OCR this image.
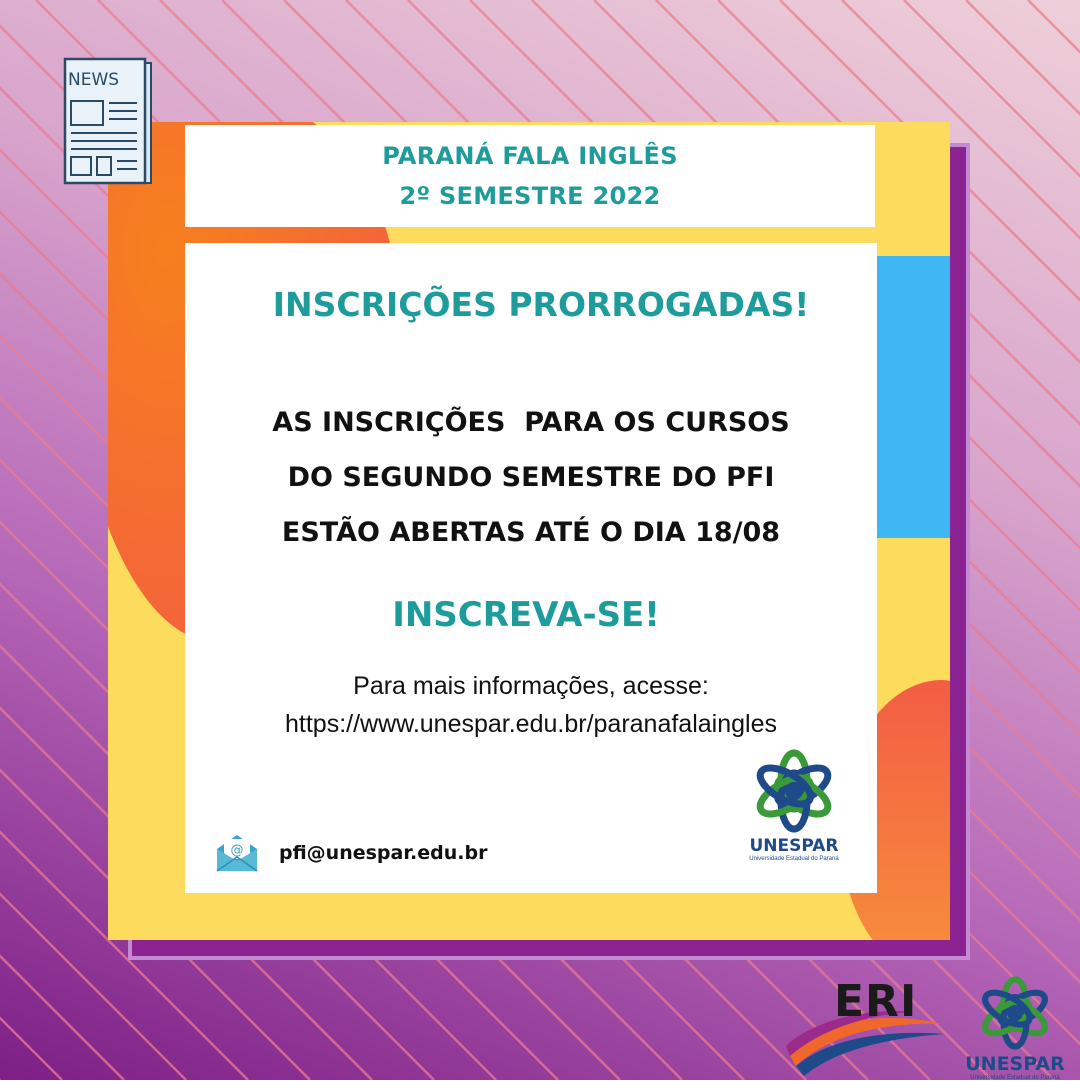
PARANÁ FALA INGLÊS
2º SEMESTRE 2022
INSCRIÇÕES PRORROGADAS!
AS INSCRIÇÕES  PARA OS CURSOS
DO SEGUNDO SEMESTRE DO PFI
ESTÃO ABERTAS ATÉ O DIA 18/08
INSCREVA-SE!
Para mais informações, acesse:
https://www.unespar.edu.br/paranafalaingles
@ pfi@unespar.edu.br	UNESPAR
Universidade Estadual do Paraná
NEWS
ERI
UNESPAR
Universidade Estadual do Paraná
